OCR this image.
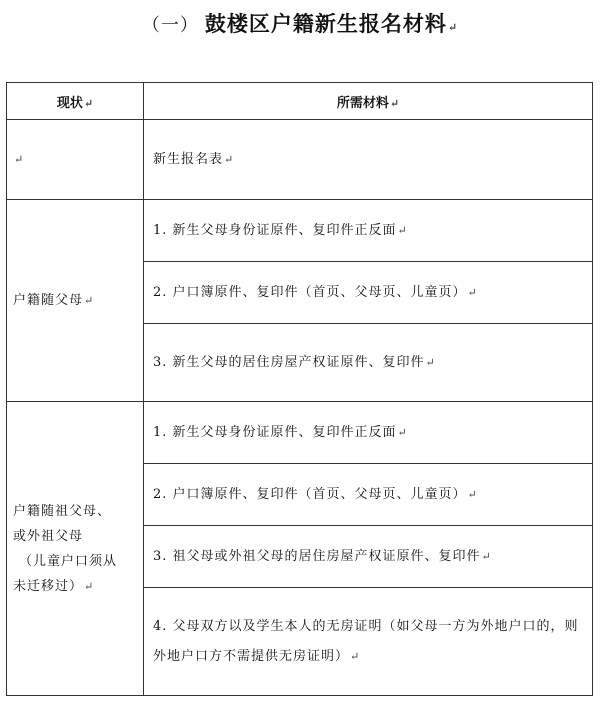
（一） 鼓楼区户籍新生报名材料↵
现状↵	所需材料↵
↵	新生报名表↵
户籍随父母↵	1. 新生父母身份证原件、复印件正反面↵
	2. 户口簿原件、复印件（首页、父母页、儿童页）↵
	3. 新生父母的居住房屋产权证原件、复印件↵

户籍随祖父母、
或外祖父母
（儿童户口须从
未迁移过）↵	1. 新生父母身份证原件、复印件正反面↵
	2. 户口簿原件、复印件（首页、父母页、儿童页）↵
	3. 祖父母或外祖父母的居住房屋产权证原件、复印件↵
	4. 父母双方以及学生本人的无房证明（如父母一方为外地户口的，则外地户口方不需提供无房证明）↵
